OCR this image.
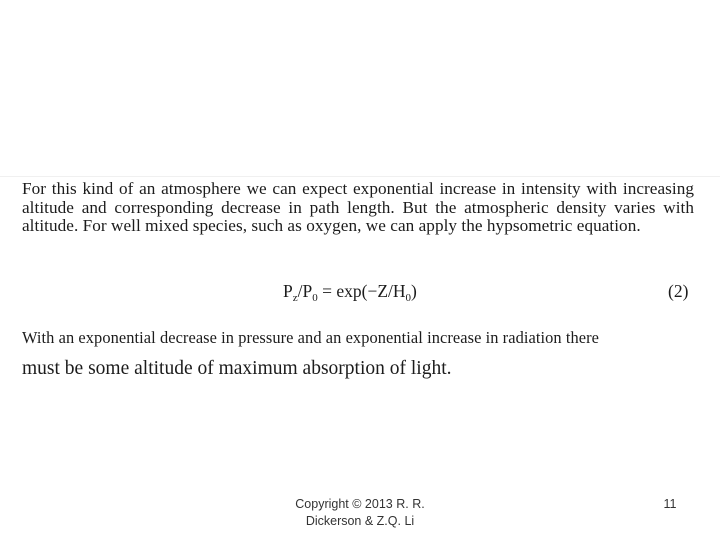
For this kind of an atmosphere we can expect exponential increase in intensity with increasing altitude and corresponding decrease in path length. But the atmospheric density varies with altitude. For well mixed species, such as oxygen, we can apply the hypsometric equation.

$P_z/P_0 = \exp(-Z/H_0)$	(2)

With an exponential decrease in pressure and an exponential increase in radiation there

must be some altitude of maximum absorption of light.

Copyright © 2013 R. R.
Dickerson & Z.Q. Li
11
